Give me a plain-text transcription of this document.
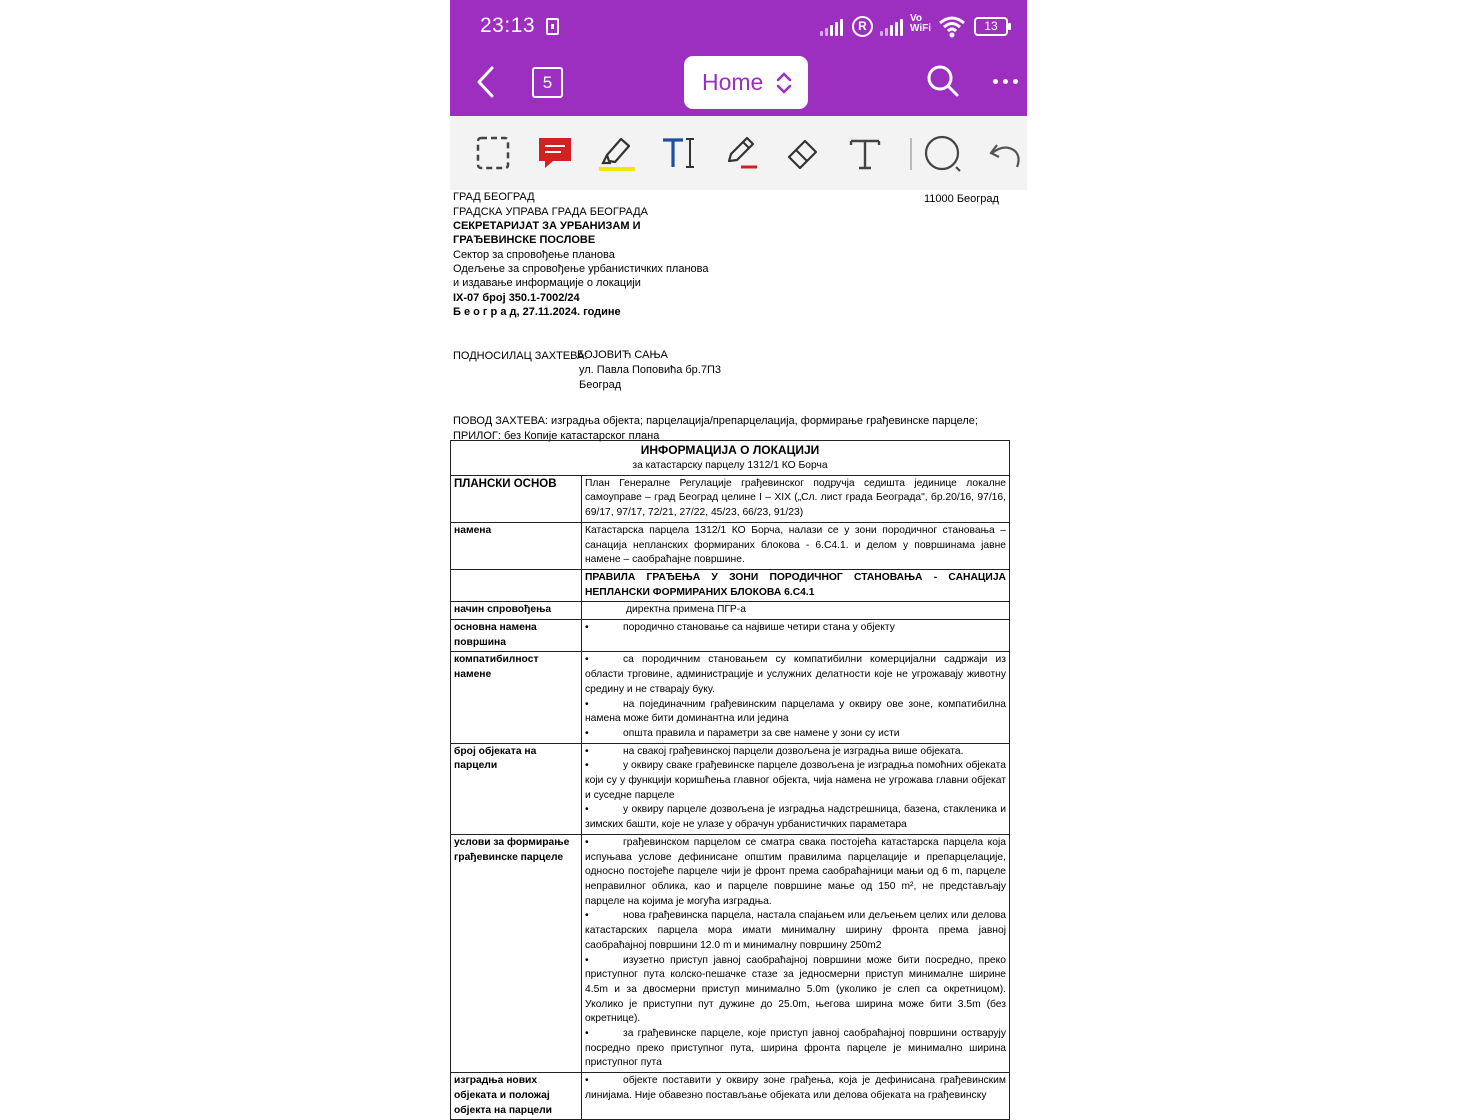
23:13	R
Vo
WiFi	13
5	Home
11000 Београд
ГРАД БЕОГРАД
ГРАДСКА УПРАВА ГРАДА БЕОГРАДА
СЕКРЕТАРИЈАТ ЗА УРБАНИЗАМ И
ГРАЂЕВИНСКЕ ПОСЛОВЕ
Сектор за спровођење планова
Одељење за спровођење урбанистичких планова
и издавање информације о локацији
IX-07 број 350.1-7002/24
Б е о г р а д, 27.11.2024. године
ПОДНОСИЛАЦ ЗАХТЕВА:
БОЈОВИЋ САЊА
ул. Павла Поповића бр.7П3
Београд
ПОВОД ЗАХТЕВА: изградња објекта; парцелација/препарцелација, формирање грађевинске парцеле;
ПРИЛОГ: без Копије катастарског плана
ИНФОРМАЦИЈА О ЛОКАЦИЈИ
за катастарску парцелу 1312/1 КО Борча	

ПЛАНСКИ ОСНОВ	План Генералне Регулације грађевинског подручја седишта јединице локалне самоуправе – град Београд целине I – XIX („Сл. лист града Београда", бр.20/16, 97/16, 69/17, 97/17, 72/21, 27/22, 45/23, 66/23, 91/23)
намена	Катастарска парцела 1312/1 КО Борча, налази се у зони породичног становања – санација непланских формираних блокова - 6.С4.1. и делом у површинама јавне намене – саобраћајне површине.
	ПРАВИЛА ГРАЂЕЊА У ЗОНИ ПОРОДИЧНОГ СТАНОВАЊА - САНАЦИЈА НЕПЛАНСКИ ФОРМИРАНИХ БЛОКОВА 6.С4.1
начин спровођења	директна примена ПГР-а
основна намена површина	• породично становање са највише четири стана у објекту
компатибилност намене	• са породичним становањем су компатибилни комерцијални садржаји из области трговине, администрације и услужних делатности које не угрожавају животну средину и не стварају буку.
• на појединачним грађевинским парцелама у оквиру ове зоне, компатибилна намена може бити доминантна или једина
• општа правила и параметри за све намене у зони су исти

број објеката на парцели	• на свакој грађевинској парцели дозвољена је изградња више објеката.
• у оквиру сваке грађевинске парцеле дозвољена је изградња помоћних објеката који су у функцији коришћења главног објекта, чија намена не угрожава главни објекат и суседне парцеле
• у оквиру парцеле дозвољена је изградња надстрешница, базена, стакленика и зимских башти, које не улазе у обрачун урбанистичких параметара

услови за формирање грађевинске парцеле	• грађевинском парцелом се сматра свака постојећа катастарска парцела која испуњава услове дефинисане општим правилима парцелације и препарцелације, односно постојеће парцеле чији је фронт према саобраћајници мањи од 6 m, парцеле неправилног облика, као и парцеле површине мање од 150 m², не представљају парцеле на којима је могућа изградња.
• нова грађевинска парцела, настала спајањем или дељењем целих или делова катастарских парцела мора имати минималну ширину фронта према јавној саобраћајној површини 12.0 m и минималну површину 250m2
• изузетно приступ јавној саобраћајној површини може бити посредно, преко приступног пута колско-пешачке стазе за једносмерни приступ минималне ширине 4.5m и за двосмерни приступ минимално 5.0m (уколико је слеп са окретницом). Уколико је приступни пут дужине до 25.0m, његова ширина може бити 3.5m (без окретнице).
• за грађевинске парцеле, које приступ јавној саобраћајној површини остварују посредно преко приступног пута, ширина фронта парцеле је минимално ширина приступног пута

изградња нових објеката и положај објекта на парцели	• објекте поставити у оквиру зоне грађења, која је дефинисана грађевинским линијама. Није обавезно постављање објеката или делова објеката на грађевинску
